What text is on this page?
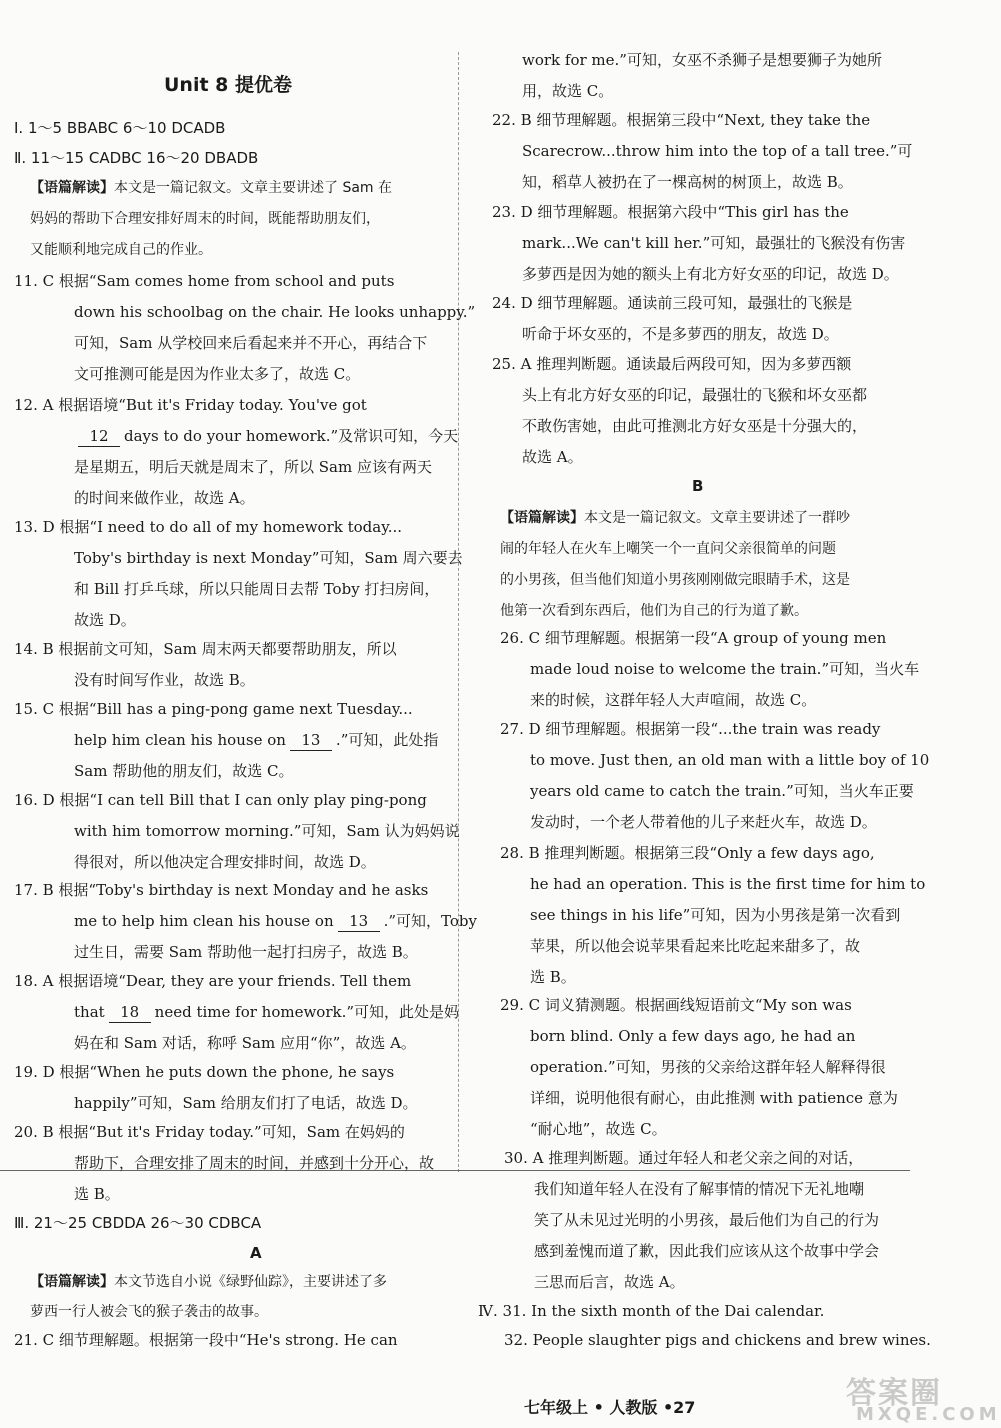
Unit 8 提优卷
Ⅰ. 1～5 BBABC 6～10 DCADB
Ⅱ. 11～15 CADBC 16～20 DBADB
【语篇解读】本文是一篇记叙文。文章主要讲述了 Sam 在
妈妈的帮助下合理安排好周末的时间，既能帮助朋友们，
又能顺利地完成自己的作业。
11. C 根据“Sam comes home from school and puts
down his schoolbag on the chair. He looks unhappy.”
可知，Sam 从学校回来后看起来并不开心，再结合下
文可推测可能是因为作业太多了，故选 C。
12. A 根据语境“But it's Friday today. You've got
12 days to do your homework.”及常识可知，今天
是星期五，明后天就是周末了，所以 Sam 应该有两天
的时间来做作业，故选 A。
13. D 根据“I need to do all of my homework today...
Toby's birthday is next Monday”可知，Sam 周六要去
和 Bill 打乒乓球，所以只能周日去帮 Toby 打扫房间，
故选 D。
14. B 根据前文可知，Sam 周末两天都要帮助朋友，所以
没有时间写作业，故选 B。
15. C 根据“Bill has a ping-pong game next Tuesday...
help him clean his house on 13 .”可知，此处指
Sam 帮助他的朋友们，故选 C。
16. D 根据“I can tell Bill that I can only play ping-pong
with him tomorrow morning.”可知，Sam 认为妈妈说
得很对，所以他决定合理安排时间，故选 D。
17. B 根据“Toby's birthday is next Monday and he asks
me to help him clean his house on 13 .”可知，Toby
过生日，需要 Sam 帮助他一起打扫房子，故选 B。
18. A 根据语境“Dear, they are your friends. Tell them
that 18 need time for homework.”可知，此处是妈
妈在和 Sam 对话，称呼 Sam 应用“你”，故选 A。
19. D 根据“When he puts down the phone, he says
happily”可知，Sam 给朋友们打了电话，故选 D。
20. B 根据“But it's Friday today.”可知，Sam 在妈妈的
帮助下，合理安排了周末的时间，并感到十分开心，故
选 B。
Ⅲ. 21～25 CBDDA 26～30 CDBCA
A
【语篇解读】本文节选自小说《绿野仙踪》，主要讲述了多
萝西一行人被会飞的猴子袭击的故事。
21. C 细节理解题。根据第一段中“He's strong. He can
work for me.”可知，女巫不杀狮子是想要狮子为她所
用，故选 C。
22. B 细节理解题。根据第三段中“Next, they take the
Scarecrow...throw him into the top of a tall tree.”可
知，稻草人被扔在了一棵高树的树顶上，故选 B。
23. D 细节理解题。根据第六段中“This girl has the
mark...We can't kill her.”可知，最强壮的飞猴没有伤害
多萝西是因为她的额头上有北方好女巫的印记，故选 D。
24. D 细节理解题。通读前三段可知，最强壮的飞猴是
听命于坏女巫的，不是多萝西的朋友，故选 D。
25. A 推理判断题。通读最后两段可知，因为多萝西额
头上有北方好女巫的印记，最强壮的飞猴和坏女巫都
不敢伤害她，由此可推测北方好女巫是十分强大的，
故选 A。
B
【语篇解读】本文是一篇记叙文。文章主要讲述了一群吵
闹的年轻人在火车上嘲笑一个一直问父亲很简单的问题
的小男孩，但当他们知道小男孩刚刚做完眼睛手术，这是
他第一次看到东西后，他们为自己的行为道了歉。
26. C 细节理解题。根据第一段“A group of young men
made loud noise to welcome the train.”可知，当火车
来的时候，这群年轻人大声喧闹，故选 C。
27. D 细节理解题。根据第一段“...the train was ready
to move. Just then, an old man with a little boy of 10
years old came to catch the train.”可知，当火车正要
发动时，一个老人带着他的儿子来赶火车，故选 D。
28. B 推理判断题。根据第三段“Only a few days ago,
he had an operation. This is the first time for him to
see things in his life”可知，因为小男孩是第一次看到
苹果，所以他会说苹果看起来比吃起来甜多了，故
选 B。
29. C 词义猜测题。根据画线短语前文“My son was
born blind. Only a few days ago, he had an
operation.”可知，男孩的父亲给这群年轻人解释得很
详细，说明他很有耐心，由此推测 with patience 意为
“耐心地”，故选 C。
30. A 推理判断题。通过年轻人和老父亲之间的对话，
我们知道年轻人在没有了解事情的情况下无礼地嘲
笑了从未见过光明的小男孩，最后他们为自己的行为
感到羞愧而道了歉，因此我们应该从这个故事中学会
三思而后言，故选 A。
Ⅳ. 31. In the sixth month of the Dai calendar.
32. People slaughter pigs and chickens and brew wines.
七年级上 • 人教版 •27	答案圈
MXQE.COM
